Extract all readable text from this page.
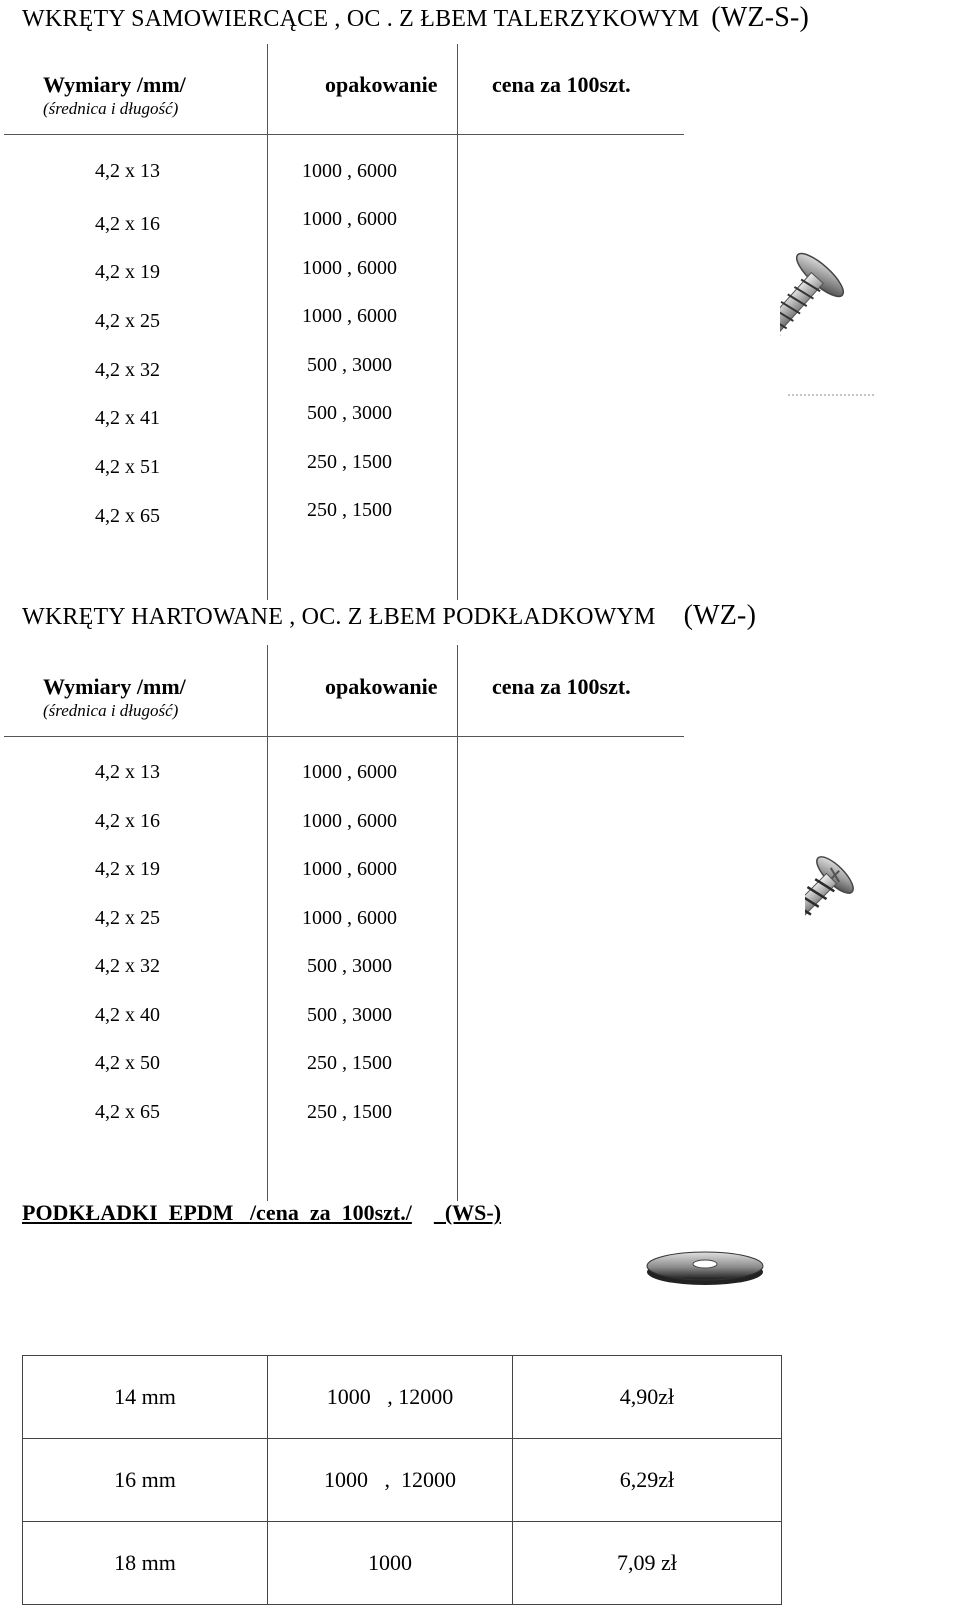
WKRĘTY SAMOWIERCĄCE , OC . Z ŁBEM TALERZYKOWYM (WZ-S-)
Wymiary /mm/
(średnica i długość)
opakowanie cena za 100szt.
4,2 x 13	1000 , 6000
4,2 x 16	1000 , 6000
4,2 x 19	1000 , 6000
4,2 x 25	1000 , 6000
4,2 x 32	500 , 3000
4,2 x 41	500 , 3000
4,2 x 51	250 , 1500
4,2 x 65	250 , 1500
WKRĘTY HARTOWANE , OC. Z ŁBEM PODKŁADKOWYM (WZ-)
Wymiary /mm/
(średnica i długość)
opakowanie cena za 100szt.
4,2 x 13	1000 , 6000
4,2 x 16	1000 , 6000
4,2 x 19	1000 , 6000
4,2 x 25	1000 , 6000
4,2 x 32	500 , 3000
4,2 x 40	500 , 3000
4,2 x 50	250 , 1500
4,2 x 65	250 , 1500
PODKŁADKI  EPDM   /cena  za  100szt./  (WS-)
14 mm	1000   , 12000	4,90zł
16 mm	1000   ,  12000	6,29zł
18 mm	1000	7,09 zł
